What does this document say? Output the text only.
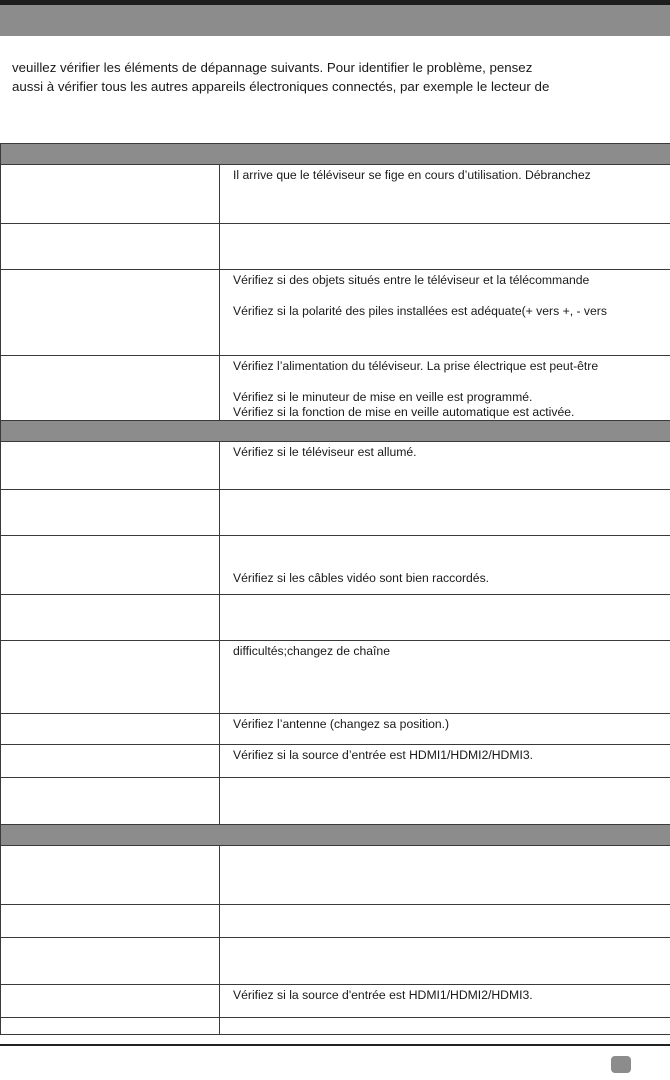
veuillez vérifier les éléments de dépannage suivants. Pour identifier le problème, pensez

aussi à vérifier tous les autres appareils électroniques connectés, par exemple le lecteur de

	Il arrive que le téléviseur se fige en cours d’utilisation. Débranchez

	Vérifiez si des objets situés entre le téléviseur et la télécommande
Vérifiez si la polarité des piles installées est adéquate(+ vers +, - vers

	Vérifiez l’alimentation du téléviseur. La prise électrique est peut-être
Vérifiez si le minuteur de mise en veille est programmé.
Vérifiez si la fonction de mise en veille automatique est activée.

	Vérifiez si le téléviseur est allumé.

	Vérifiez si les câbles vidéo sont bien raccordés.

	difficultés;changez de chaîne

	Vérifiez l’antenne (changez sa position.)

	Vérifiez si la source d’entrée est HDMI1/HDMI2/HDMI3.

	Vérifiez si la source d'entrée est HDMI1/HDMI2/HDMI3.
